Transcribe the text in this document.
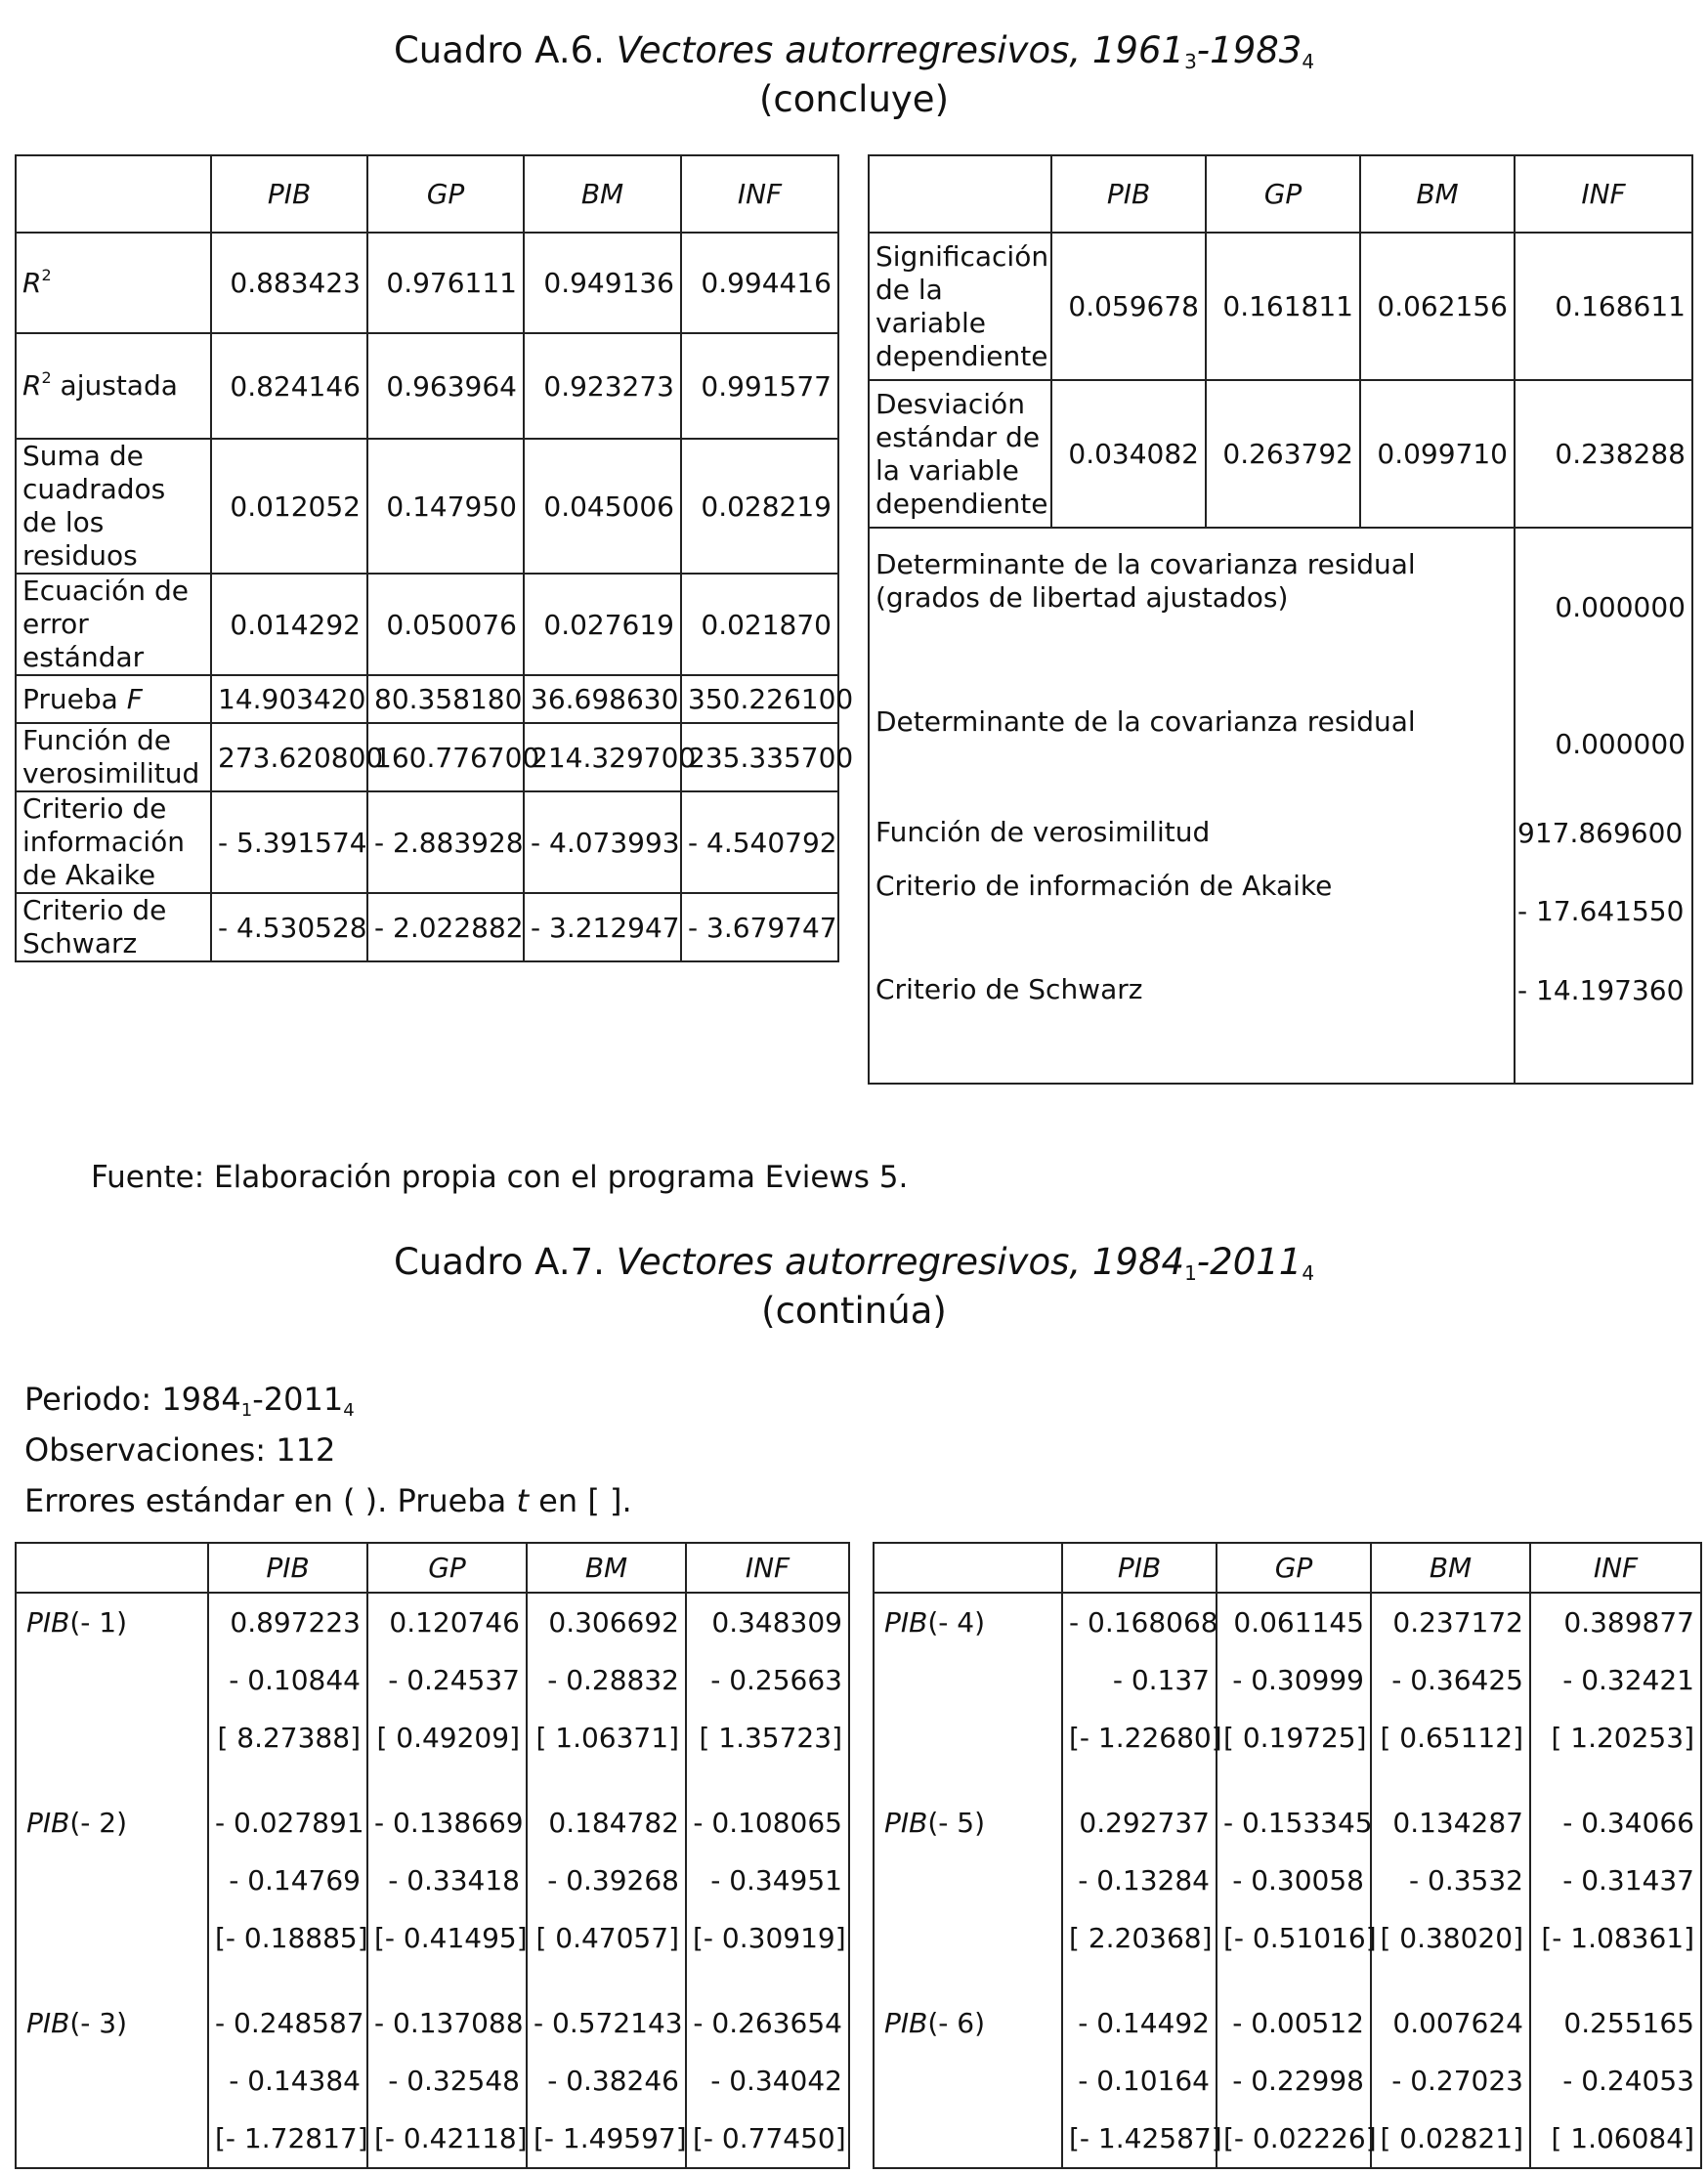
Cuadro A.6. Vectores autorregresivos, $1961_3-1983_4$
(concluye)
	PIB	GP	BM	INF
$R^2$	0.883423	0.976111	0.949136	0.994416
$R^2$ ajustada	0.824146	0.963964	0.923273	0.991577
Suma de cuadrados de los residuos	0.012052	0.147950	0.045006	0.028219
Ecuación de error estándar	0.014292	0.050076	0.027619	0.021870
Prueba F	14.903420	80.358180	36.698630	350.226100
Función de verosimilitud	273.620800	160.776700	214.329700	235.335700
Criterio de información de Akaike	- 5.391574	- 2.883928	- 4.073993	- 4.540792
Criterio de Schwarz	- 4.530528	- 2.022882	- 3.212947	- 3.679747
	PIB	GP	BM	INF
Significación de la variable dependiente	0.059678	0.161811	0.062156	0.168611
Desviación estándar de la variable dependiente	0.034082	0.263792	0.099710	0.238288
Determinante de la covarianza residual (grados de libertad ajustados)				0.000000
Determinante de la covarianza residual				0.000000
Función de verosimilitud				917.869600
Criterio de información de Akaike				- 17.641550
Criterio de Schwarz				- 14.197360

Fuente: Elaboración propia con el programa Eviews 5.
Cuadro A.7. Vectores autorregresivos, $1984_1-2011_4$
(continúa)
Periodo: $1984_1-2011_4$
Observaciones: 112
Errores estándar en ( ). Prueba t en [ ].
	PIB	GP	BM	INF
PIB(- 1)	0.897223	0.120746	0.306692	0.348309
	- 0.10844	- 0.24537	- 0.28832	- 0.25663
	[ 8.27388]	[ 0.49209]	[ 1.06371]	[ 1.35723]

PIB(- 2)	- 0.027891	- 0.138669	0.184782	- 0.108065
	- 0.14769	- 0.33418	- 0.39268	- 0.34951
	[- 0.18885]	[- 0.41495]	[ 0.47057]	[- 0.30919]

PIB(- 3)	- 0.248587	- 0.137088	- 0.572143	- 0.263654
	- 0.14384	- 0.32548	- 0.38246	- 0.34042
	[- 1.72817]	[- 0.42118]	[- 1.49597]	[- 0.77450]
	PIB	GP	BM	INF
PIB(- 4)	- 0.168068	0.061145	0.237172	0.389877
	- 0.137	- 0.30999	- 0.36425	- 0.32421
	[- 1.22680]	[ 0.19725]	[ 0.65112]	[ 1.20253]

PIB(- 5)	0.292737	- 0.153345	0.134287	- 0.34066
	- 0.13284	- 0.30058	- 0.3532	- 0.31437
	[ 2.20368]	[- 0.51016]	[ 0.38020]	[- 1.08361]

PIB(- 6)	- 0.14492	- 0.00512	0.007624	0.255165
	- 0.10164	- 0.22998	- 0.27023	- 0.24053
	[- 1.42587]	[- 0.02226]	[ 0.02821]	[ 1.06084]
